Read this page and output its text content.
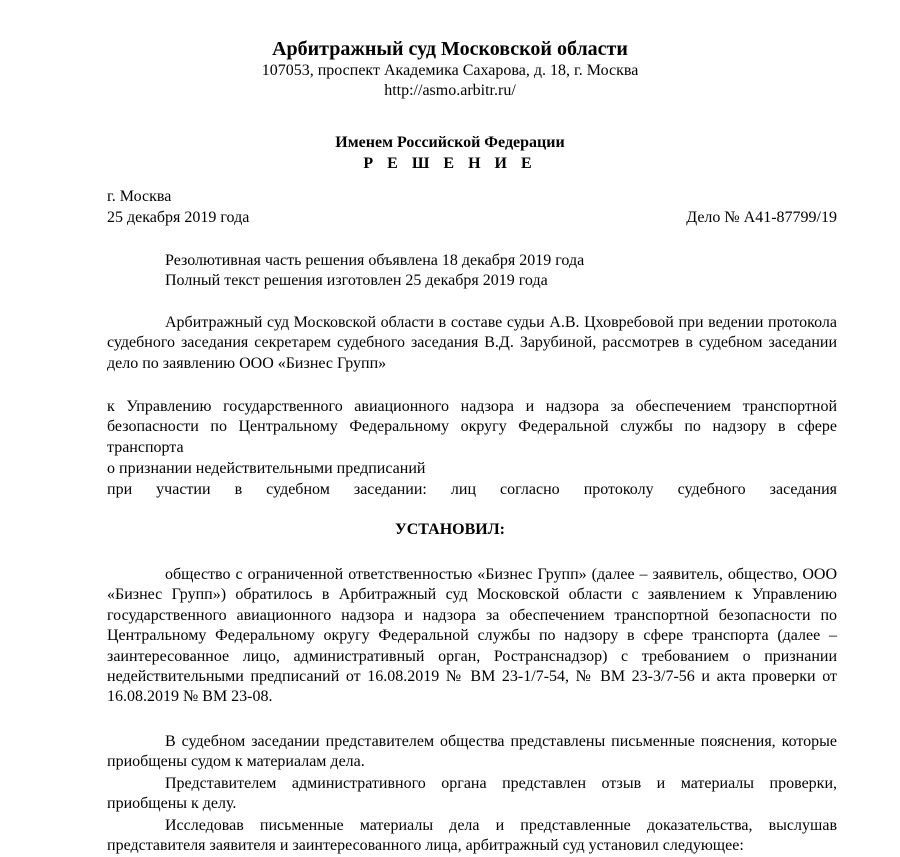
Арбитражный суд Московской области
107053, проспект Академика Сахарова, д. 18, г. Москва
http://asmo.arbitr.ru/
Именем Российской Федерации
Р Е Ш Е Н И Е
г. Москва
25 декабря 2019 года	Дело № А41-87799/19
Резолютивная часть решения объявлена 18 декабря 2019 года
Полный текст решения изготовлен 25 декабря 2019 года
Арбитражный суд Московской области в составе судьи А.В. Цховребовой при ведении протокола судебного заседания секретарем судебного заседания В.Д. Зарубиной, рассмотрев в судебном заседании дело по заявлению ООО «Бизнес Групп»
к Управлению государственного авиационного надзора и надзора за обеспечением транспортной безопасности по Центральному Федеральному округу Федеральной службы по надзору в сфере транспорта
о признании недействительными предписаний
при участии в судебном заседании: лиц согласно протоколу судебного заседания
УСТАНОВИЛ:
общество с ограниченной ответственностью «Бизнес Групп» (далее – заявитель, общество, ООО «Бизнес Групп») обратилось в Арбитражный суд Московской области с заявлением к Управлению государственного авиационного надзора и надзора за обеспечением транспортной безопасности по Центральному Федеральному округу Федеральной службы по надзору в сфере транспорта (далее – заинтересованное лицо, административный орган, Ространснадзор) с требованием о признании недействительными предписаний от 16.08.2019 № ВМ 23-1/7-54, № ВМ 23-3/7-56 и акта проверки от 16.08.2019 № ВМ 23-08.
В судебном заседании представителем общества представлены письменные пояснения, которые приобщены судом к материалам дела.
Представителем административного органа представлен отзыв и материалы проверки, приобщены к делу.
Исследовав письменные материалы дела и представленные доказательства, выслушав представителя заявителя и заинтересованного лица, арбитражный суд установил следующее:
